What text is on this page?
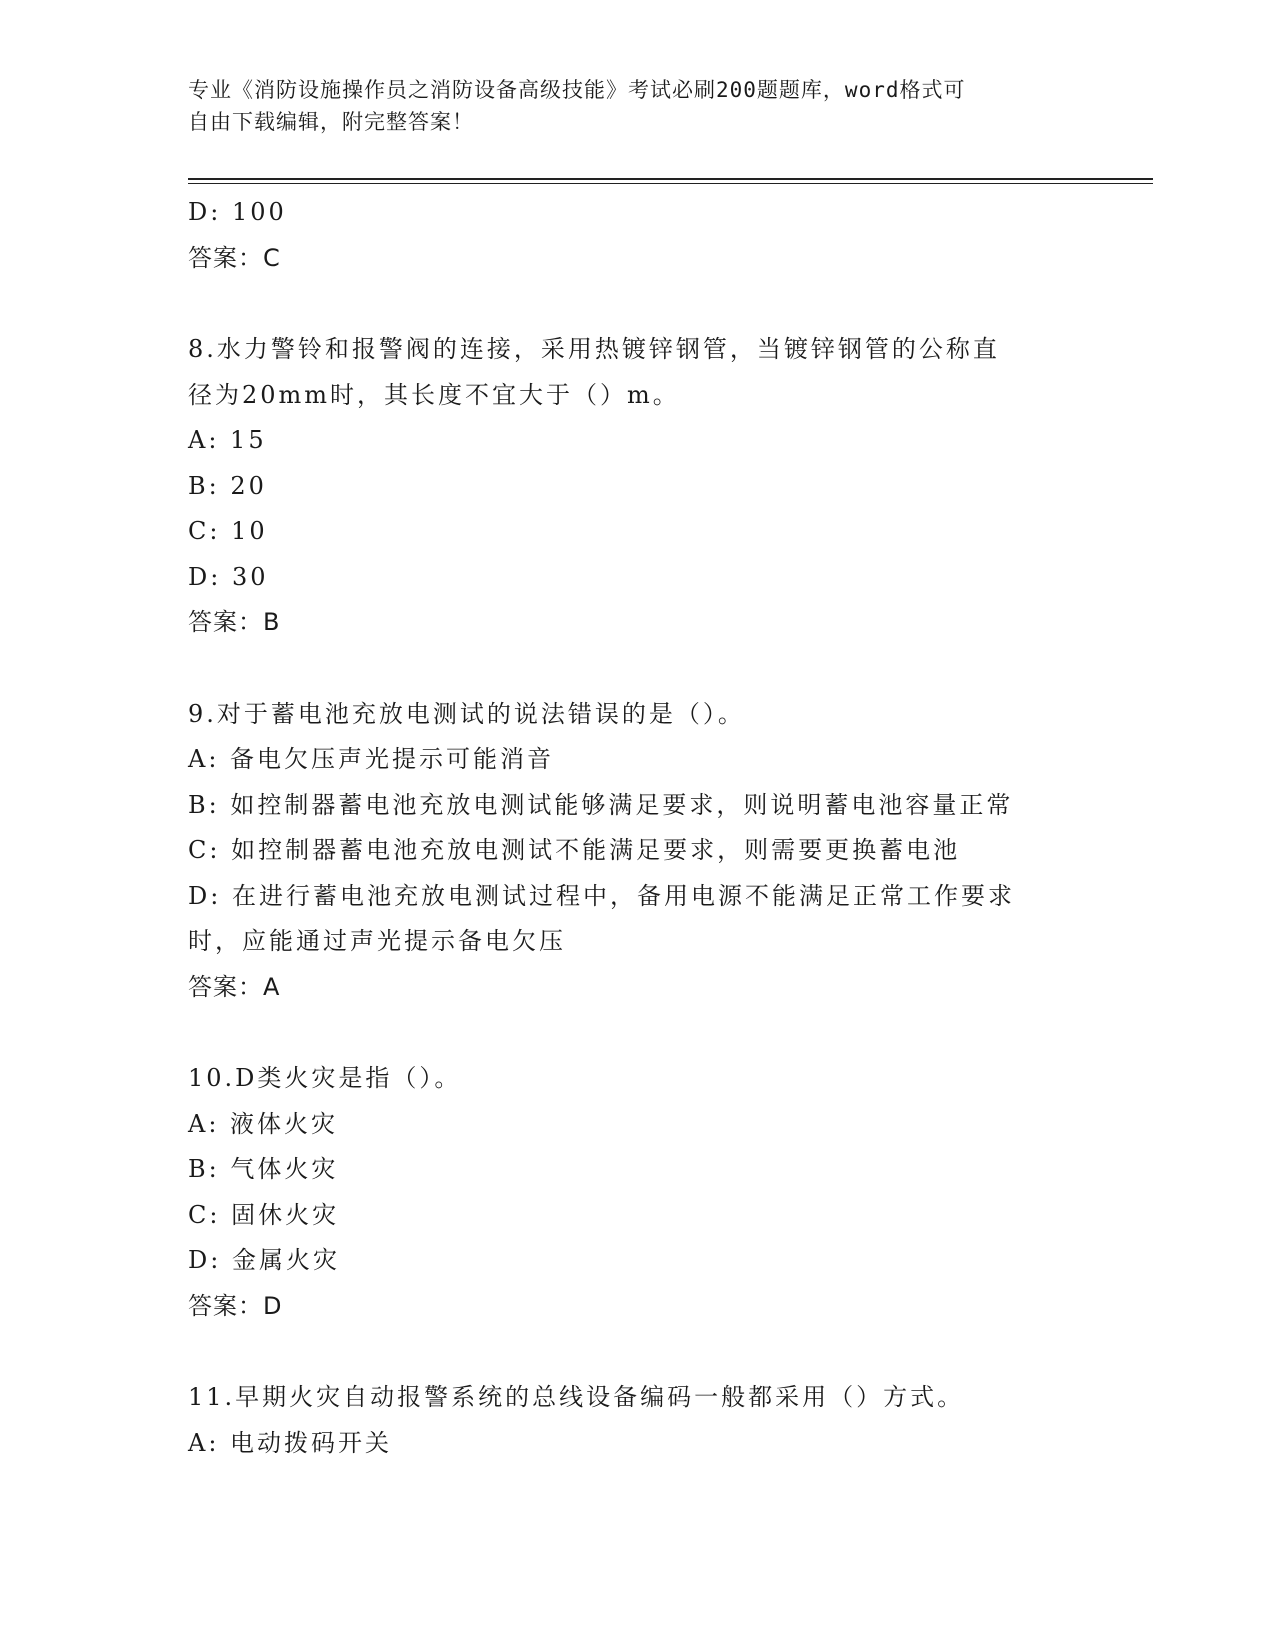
专业《消防设施操作员之消防设备高级技能》考试必刷200题题库，word格式可
自由下载编辑，附完整答案！
D: 100
答案：C
8.水力警铃和报警阀的连接，采用热镀锌钢管，当镀锌钢管的公称直
径为20mm时，其长度不宜大于（）m。
A: 15
B: 20
C: 10
D: 30
答案：B
9.对于蓄电池充放电测试的说法错误的是（）。
A: 备电欠压声光提示可能消音
B: 如控制器蓄电池充放电测试能够满足要求，则说明蓄电池容量正常
C: 如控制器蓄电池充放电测试不能满足要求，则需要更换蓄电池
D: 在进行蓄电池充放电测试过程中，备用电源不能满足正常工作要求
时，应能通过声光提示备电欠压
答案：A
10.D类火灾是指（）。
A: 液体火灾
B: 气体火灾
C: 固休火灾
D: 金属火灾
答案：D
11.早期火灾自动报警系统的总线设备编码一般都采用（）方式。
A: 电动拨码开关
